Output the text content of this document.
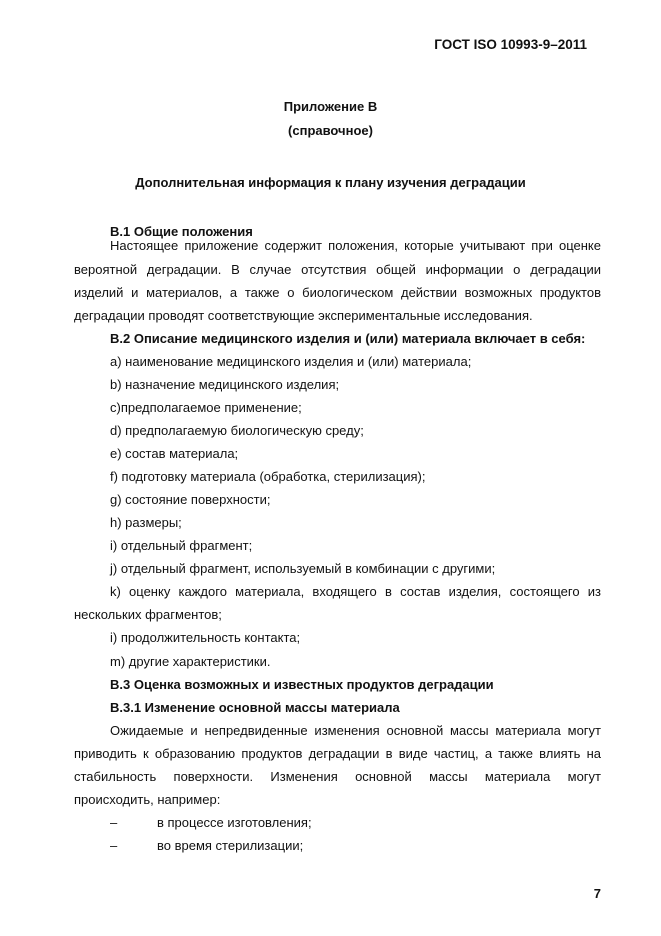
ГОСТ ISO 10993-9–2011
Приложение В
(справочное)
Дополнительная информация к плану изучения деградации
В.1 Общие положения
Настоящее приложение содержит положения, которые учитывают при оценке
вероятной деградации. В случае отсутствия общей информации о деградации
изделий и материалов, а также о биологическом действии возможных продуктов
деградации проводят соответствующие экспериментальные исследования.
В.2 Описание медицинского изделия и (или) материала включает в себя:
а) наименование медицинского изделия и (или) материала;
b) назначение медицинского изделия;
с)предполагаемое применение;
d) предполагаемую биологическую среду;
е) состав материала;
f) подготовку материала (обработка, стерилизация);
g) состояние поверхности;
h) размеры;
i) отдельный фрагмент;
j) отдельный фрагмент, используемый в комбинации с другими;
k) оценку каждого материала, входящего в состав изделия, состоящего из
нескольких фрагментов;
i) продолжительность контакта;
m) другие характеристики.
В.3 Оценка возможных и известных продуктов деградации
В.3.1 Изменение основной массы материала
Ожидаемые и непредвиденные изменения основной массы материала могут
приводить к образованию продуктов деградации в виде частиц, а также влиять на
стабильность поверхности. Изменения основной массы материала могут
происходить, например:
–	в процессе изготовления;
–	во время стерилизации;
7
